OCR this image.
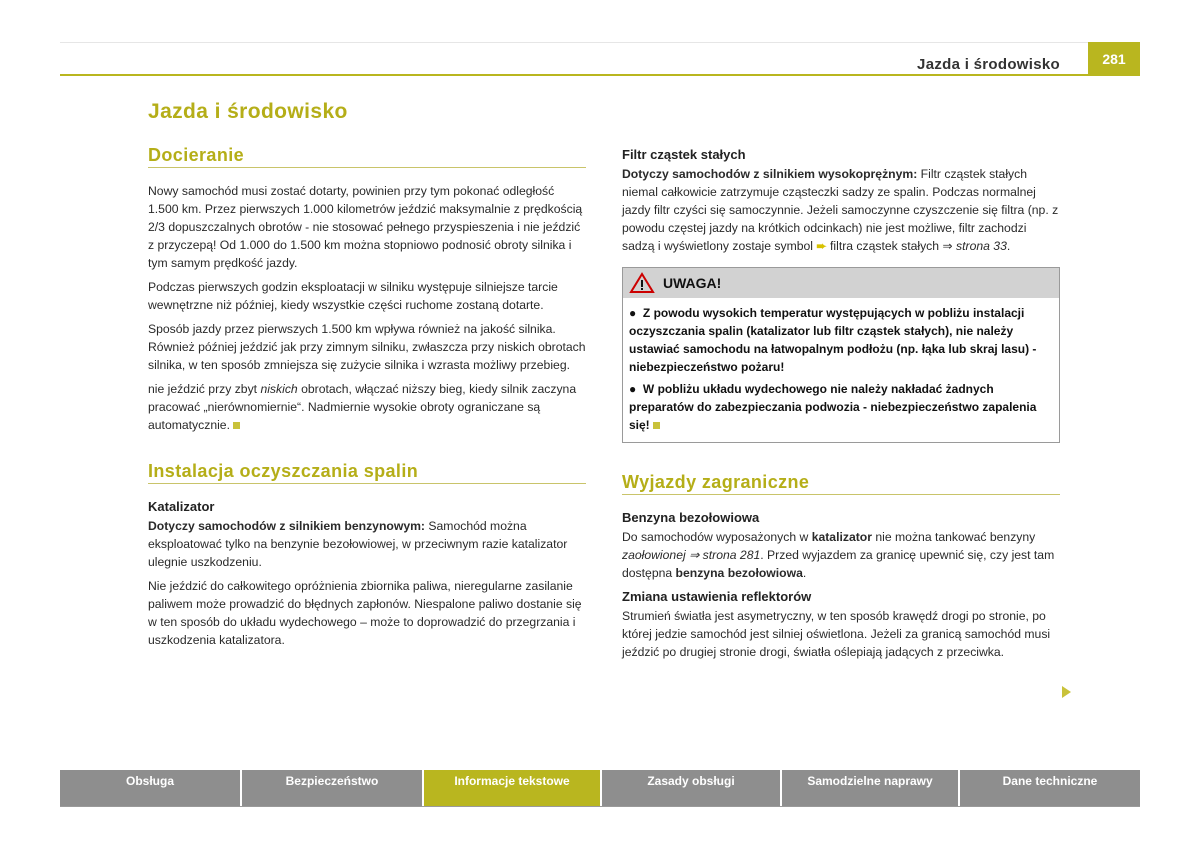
Jazda i środowisko	281
Jazda i środowisko
Docieranie

Nowy samochód musi zostać dotarty, powinien przy tym pokonać odległość 1.500 km. Przez pierwszych 1.000 kilometrów jeździć maksymalnie z prędkością 2/3 dopuszczalnych obrotów - nie stosować pełnego przyspieszenia i nie jeździć z przyczepą! Od 1.000 do 1.500 km można stopniowo podnosić obroty silnika i tym samym prędkość jazdy.

Podczas pierwszych godzin eksploatacji w silniku występuje silniejsze tarcie wewnętrzne niż później, kiedy wszystkie części ruchome zostaną dotarte.

Sposób jazdy przez pierwszych 1.500 km wpływa również na jakość silnika. Również później jeździć jak przy zimnym silniku, zwłaszcza przy niskich obrotach silnika, w ten sposób zmniejsza się zużycie silnika i wzrasta możliwy przebieg.

nie jeździć przy zbyt niskich obrotach, włączać niższy bieg, kiedy silnik zaczyna pracować „nierównomiernie“. Nadmiernie wysokie obroty ograniczane są automatycznie.

Instalacja oczyszczania spalin
Katalizator

Dotyczy samochodów z silnikiem benzynowym: Samochód można eksploatować tylko na benzynie bezołowiowej, w przeciwnym razie katalizator ulegnie uszkodzeniu.

Nie jeździć do całkowitego opróżnienia zbiornika paliwa, nieregularne zasilanie paliwem może prowadzić do błędnych zapłonów. Niespalone paliwo dostanie się w ten sposób do układu wydechowego – może to doprowadzić do przegrzania i uszkodzenia katalizatora.

Filtr cząstek stałych

Dotyczy samochodów z silnikiem wysokoprężnym: Filtr cząstek stałych niemal całkowicie zatrzymuje cząsteczki sadzy ze spalin. Podczas normalnej jazdy filtr czyści się samoczynnie. Jeżeli samoczynne czyszczenie się filtra (np. z powodu częstej jazdy na krótkich odcinkach) nie jest możliwe, filtr zachodzi sadzą i wyświetlony zostaje symbol ➨ filtra cząstek stałych ⇒ strona 33.

UWAGA!

●  Z powodu wysokich temperatur występujących w pobliżu instalacji oczyszczania spalin (katalizator lub filtr cząstek stałych), nie należy ustawiać samochodu na łatwopalnym podłożu (np. łąka lub skraj lasu) - niebezpieczeństwo pożaru!

●  W pobliżu układu wydechowego nie należy nakładać żadnych preparatów do zabezpieczania podwozia - niebezpieczeństwo zapalenia się!

Wyjazdy zagraniczne
Benzyna bezołowiowa

Do samochodów wyposażonych w katalizator nie można tankować benzyny zaołowionej ⇒ strona 281. Przed wyjazdem za granicę upewnić się, czy jest tam dostępna benzyna bezołowiowa.

Zmiana ustawienia reflektorów

Strumień światła jest asymetryczny, w ten sposób krawędź drogi po stronie, po której jedzie samochód jest silniej oświetlona. Jeżeli za granicą samochód musi jeździć po drugiej stronie drogi, światła oślepiają jadących z przeciwka.

Obsługa	Bezpieczeństwo	Informacje tekstowe	Zasady obsługi	Samodzielne naprawy	Dane techniczne
